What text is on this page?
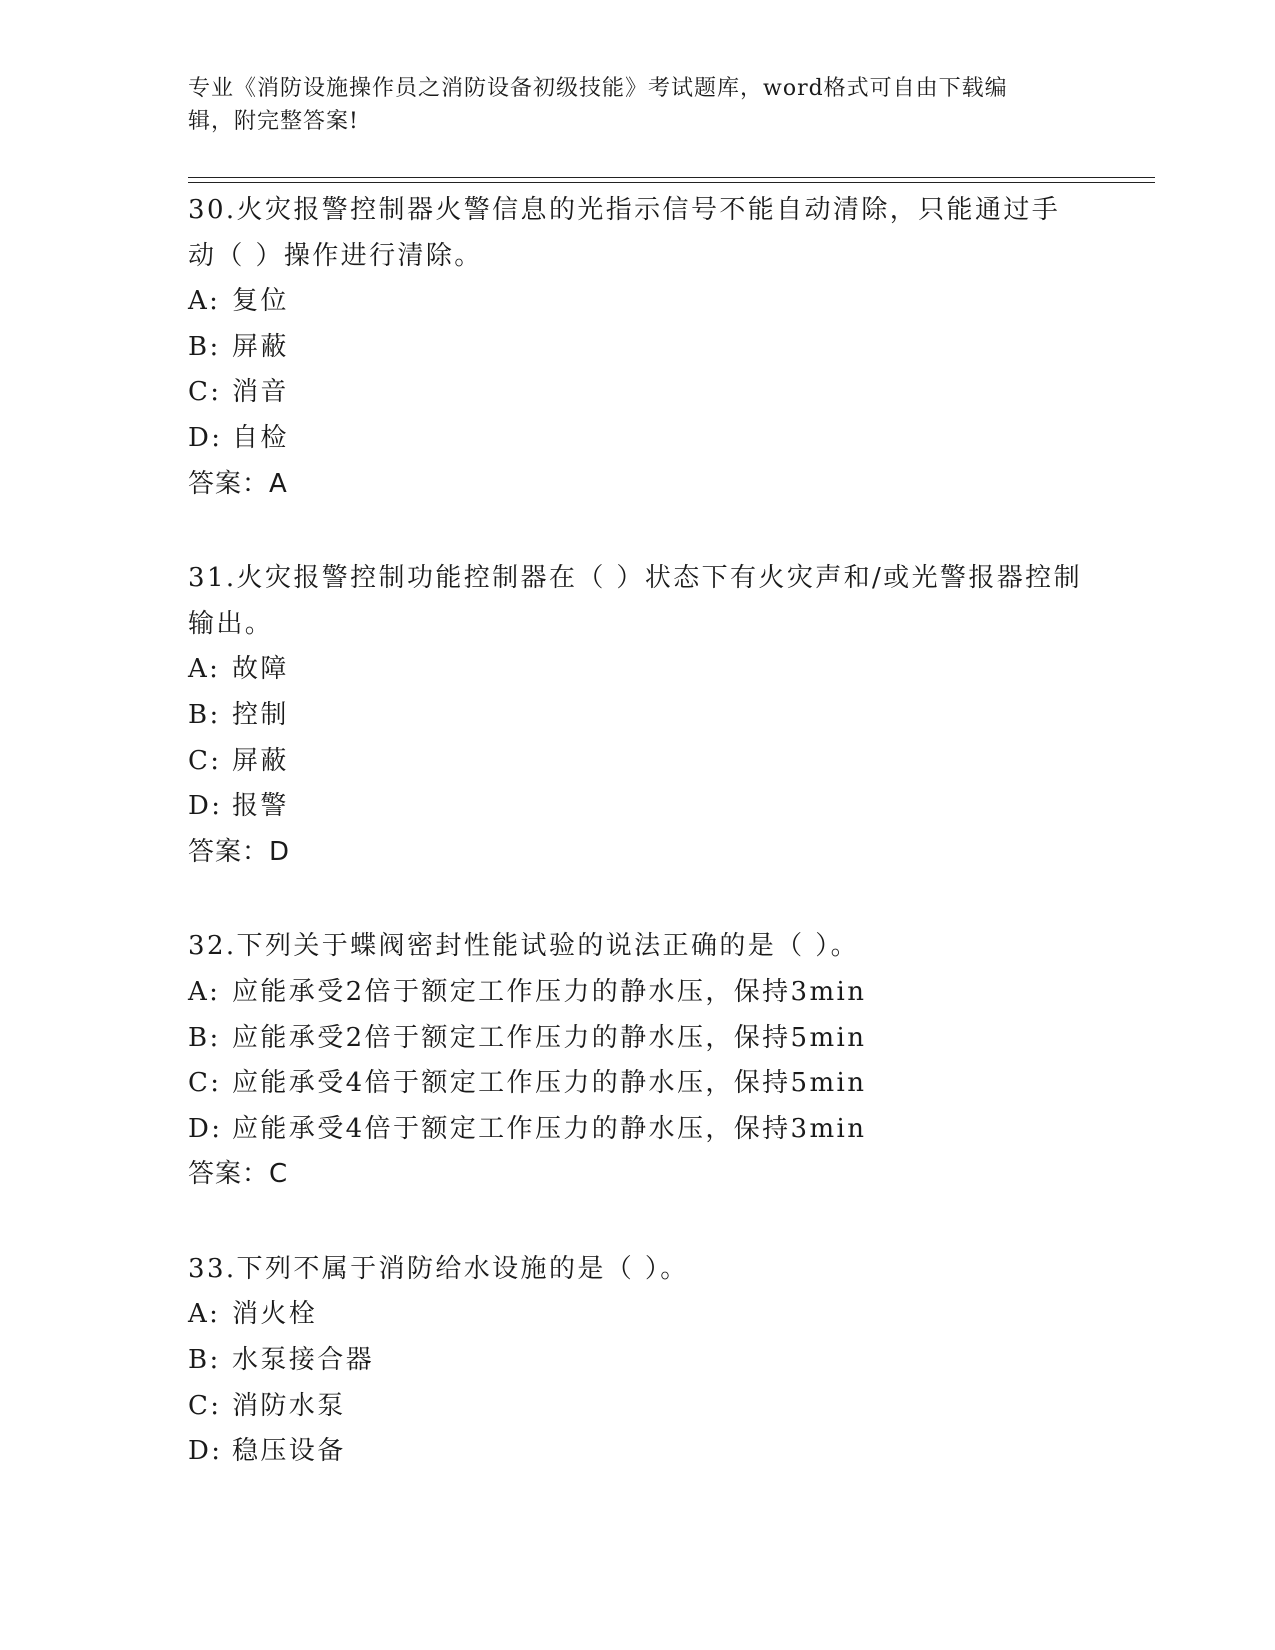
专业《消防设施操作员之消防设备初级技能》考试题库，word格式可自由下载编
辑，附完整答案!
30.火灾报警控制器火警信息的光指示信号不能自动清除，只能通过手动（ ）操作进行清除。
A: 复位
B: 屏蔽
C: 消音
D: 自检
答案：A
31.火灾报警控制功能控制器在（ ）状态下有火灾声和/或光警报器控制输出。
A: 故障
B: 控制
C: 屏蔽
D: 报警
答案：D
32.下列关于蝶阀密封性能试验的说法正确的是（ ）。
A: 应能承受2倍于额定工作压力的静水压，保持3min
B: 应能承受2倍于额定工作压力的静水压，保持5min
C: 应能承受4倍于额定工作压力的静水压，保持5min
D: 应能承受4倍于额定工作压力的静水压，保持3min
答案：C
33.下列不属于消防给水设施的是（ ）。
A: 消火栓
B: 水泵接合器
C: 消防水泵
D: 稳压设备
